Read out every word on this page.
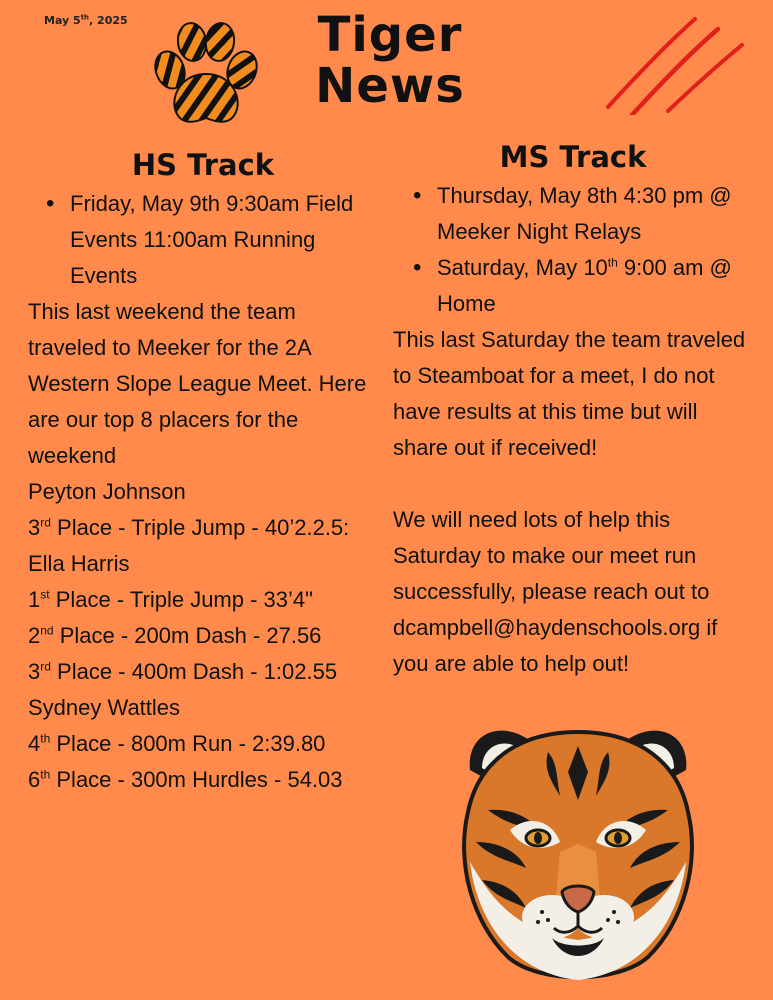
May 5th, 2025	Tiger
News
HS Track
• Friday, May 9th 9:30am Field Events 11:00am Running Events

This last weekend the team traveled to Meeker for the 2A Western Slope League Meet. Here are our top 8 placers for the weekend

Peyton Johnson

3rd Place - Triple Jump - 40’2.2.5:

Ella Harris

1st Place - Triple Jump - 33’4"

2nd Place - 200m Dash - 27.56

3rd Place - 400m Dash - 1:02.55

Sydney Wattles

4th Place - 800m Run - 2:39.80

6th Place - 300m Hurdles - 54.03

MS Track
• Thursday, May 8th 4:30 pm @ Meeker Night Relays
• Saturday, May 10th 9:00 am @ Home

This last Saturday the team traveled to Steamboat for a meet, I do not have results at this time but will share out if received!

We will need lots of help this Saturday to make our meet run successfully, please reach out to dcampbell@haydenschools.org if you are able to help out!
